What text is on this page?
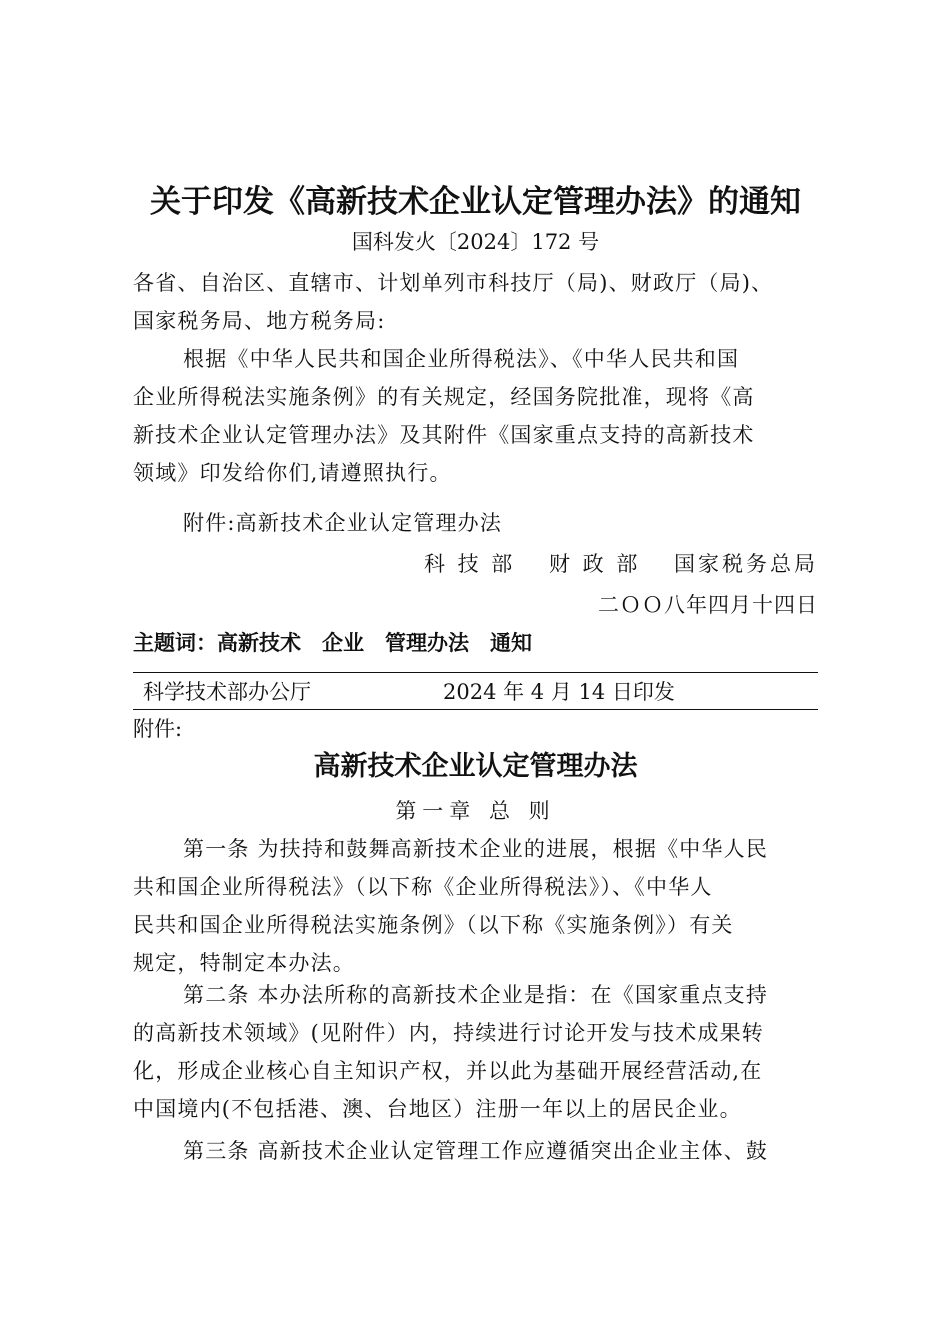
关于印发《高新技术企业认定管理办法》的通知
国科发火〔2024〕172 号
各省、自治区、直辖市、计划单列市科技厅（局)、财政厅（局)、
国家税务局、地方税务局:
根据《中华人民共和国企业所得税法》、《中华人民共和国
企业所得税法实施条例》的有关规定，经国务院批准，现将《高
新技术企业认定管理办法》及其附件《国家重点支持的高新技术
领域》印发给你们,请遵照执行。
附件:高新技术企业认定管理办法
科 技 部　 财 政 部　 国家税务总局
二ＯＯ八年四月十四日
主题词：高新技术　企业　管理办法　通知
科学技术部办公厅	2024 年 4 月 14 日印发
附件:
高新技术企业认定管理办法
第一章 总 则
第一条 为扶持和鼓舞高新技术企业的进展，根据《中华人民
共和国企业所得税法》（以下称《企业所得税法》）、《中华人
民共和国企业所得税法实施条例》（以下称《实施条例》）有关
规定，特制定本办法。
第二条 本办法所称的高新技术企业是指：在《国家重点支持
的高新技术领域》(见附件）内，持续进行讨论开发与技术成果转
化，形成企业核心自主知识产权，并以此为基础开展经营活动,在
中国境内(不包括港、澳、台地区）注册一年以上的居民企业。
第三条 高新技术企业认定管理工作应遵循突出企业主体、鼓
